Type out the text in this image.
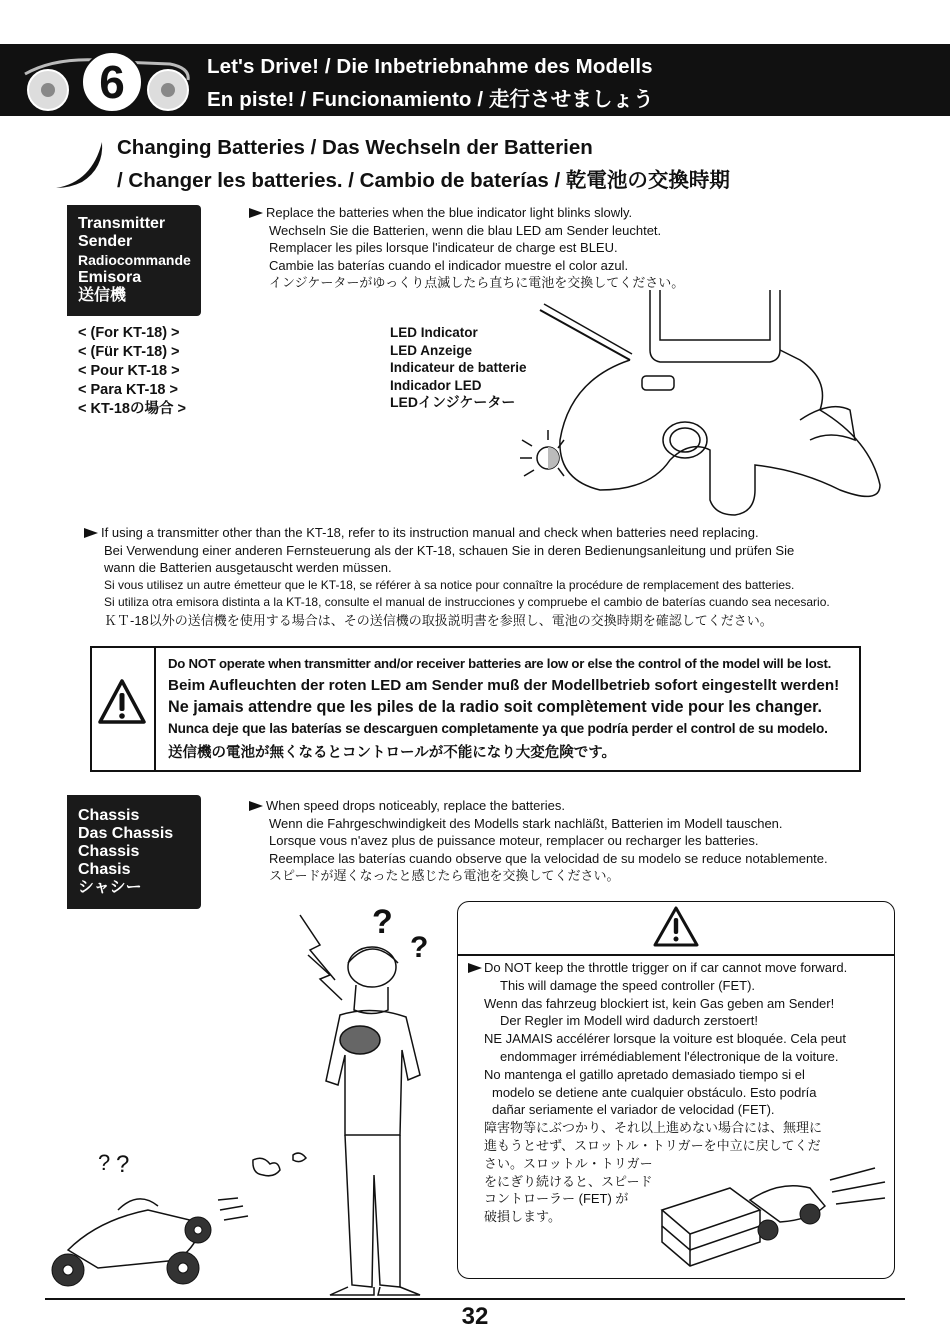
6	Let's Drive! / Die Inbetriebnahme des Modells
En piste! / Funcionamiento / 走行させましょう
Changing Batteries / Das Wechseln der Batterien
/ Changer les batteries. / Cambio de baterías / 乾電池の交換時期
Transmitter
Sender
Radiocommande
Emisora
送信機
Replace the batteries when the blue indicator light blinks slowly.
Wechseln Sie die Batterien, wenn die blau LED am Sender leuchtet.
Remplacer les piles lorsque l'indicateur de charge est BLEU.
Cambie las baterías cuando el indicador muestre el color azul.
インジケーターがゆっくり点滅したら直ちに電池を交換してください。
< (For KT-18) >
< (Für KT-18) >
< Pour KT-18 >
< Para KT-18 >
< KT-18の場合 >
LED Indicator
LED Anzeige
Indicateur de batterie
Indicador LED
LEDインジケーター
If using a transmitter other than the KT-18, refer to its instruction manual and check when batteries need replacing.
Bei Verwendung einer anderen Fernsteuerung als der KT-18, schauen Sie in deren Bedienungsanleitung und prüfen Sie
wann die Batterien ausgetauscht werden müssen.
Si vous utilisez un autre émetteur que le KT-18, se référer à sa notice pour connaître la procédure de remplacement des batteries.
Si utiliza otra emisora distinta a la KT-18, consulte el manual de instrucciones y compruebe el cambio de baterías cuando sea necesario.
ＫＴ-18以外の送信機を使用する場合は、その送信機の取扱説明書を参照し、電池の交換時期を確認してください。
Do NOT operate when transmitter and/or receiver batteries are low or else the control of the model will be lost.
Beim Aufleuchten der roten LED am Sender muß der Modellbetrieb sofort eingestellt werden!
Ne jamais attendre que les piles de la radio soit complètement vide pour les changer.
Nunca deje que las baterías se descarguen completamente ya que podría perder el control de su modelo.
送信機の電池が無くなるとコントロールが不能になり大変危険です。
Chassis
Das Chassis
Chassis
Chasis
シャシー
When speed drops noticeably, replace the batteries.
Wenn die Fahrgeschwindigkeit des Modells stark nachläßt, Batterien im Modell tauschen.
Lorsque vous n'avez plus de puissance moteur, remplacer ou recharger les batteries.
Reemplace las baterías cuando observe que la velocidad de su modelo se reduce notablemente.
スピードが遅くなったと感じたら電池を交換してください。
?
?
? ?
Do NOT keep the throttle trigger on if car cannot move forward.
This will damage the speed controller (FET).
Wenn das fahrzeug blockiert ist, kein Gas geben am Sender!
Der Regler im Modell wird dadurch zerstoert!
NE JAMAIS accélérer lorsque la voiture est bloquée. Cela peut
endommager irrémédiablement l'électronique de la voiture.
No mantenga el gatillo apretado demasiado tiempo si el
modelo se detiene ante cualquier obstáculo. Esto podría
dañar seriamente el variador de velocidad (FET).
障害物等にぶつかり、それ以上進めない場合には、無理に
進もうとせず、スロットル・トリガーを中立に戻してくだ
さい。スロットル・トリガー
をにぎり続けると、スピード
コントローラー (FET) が
破損します。
32
